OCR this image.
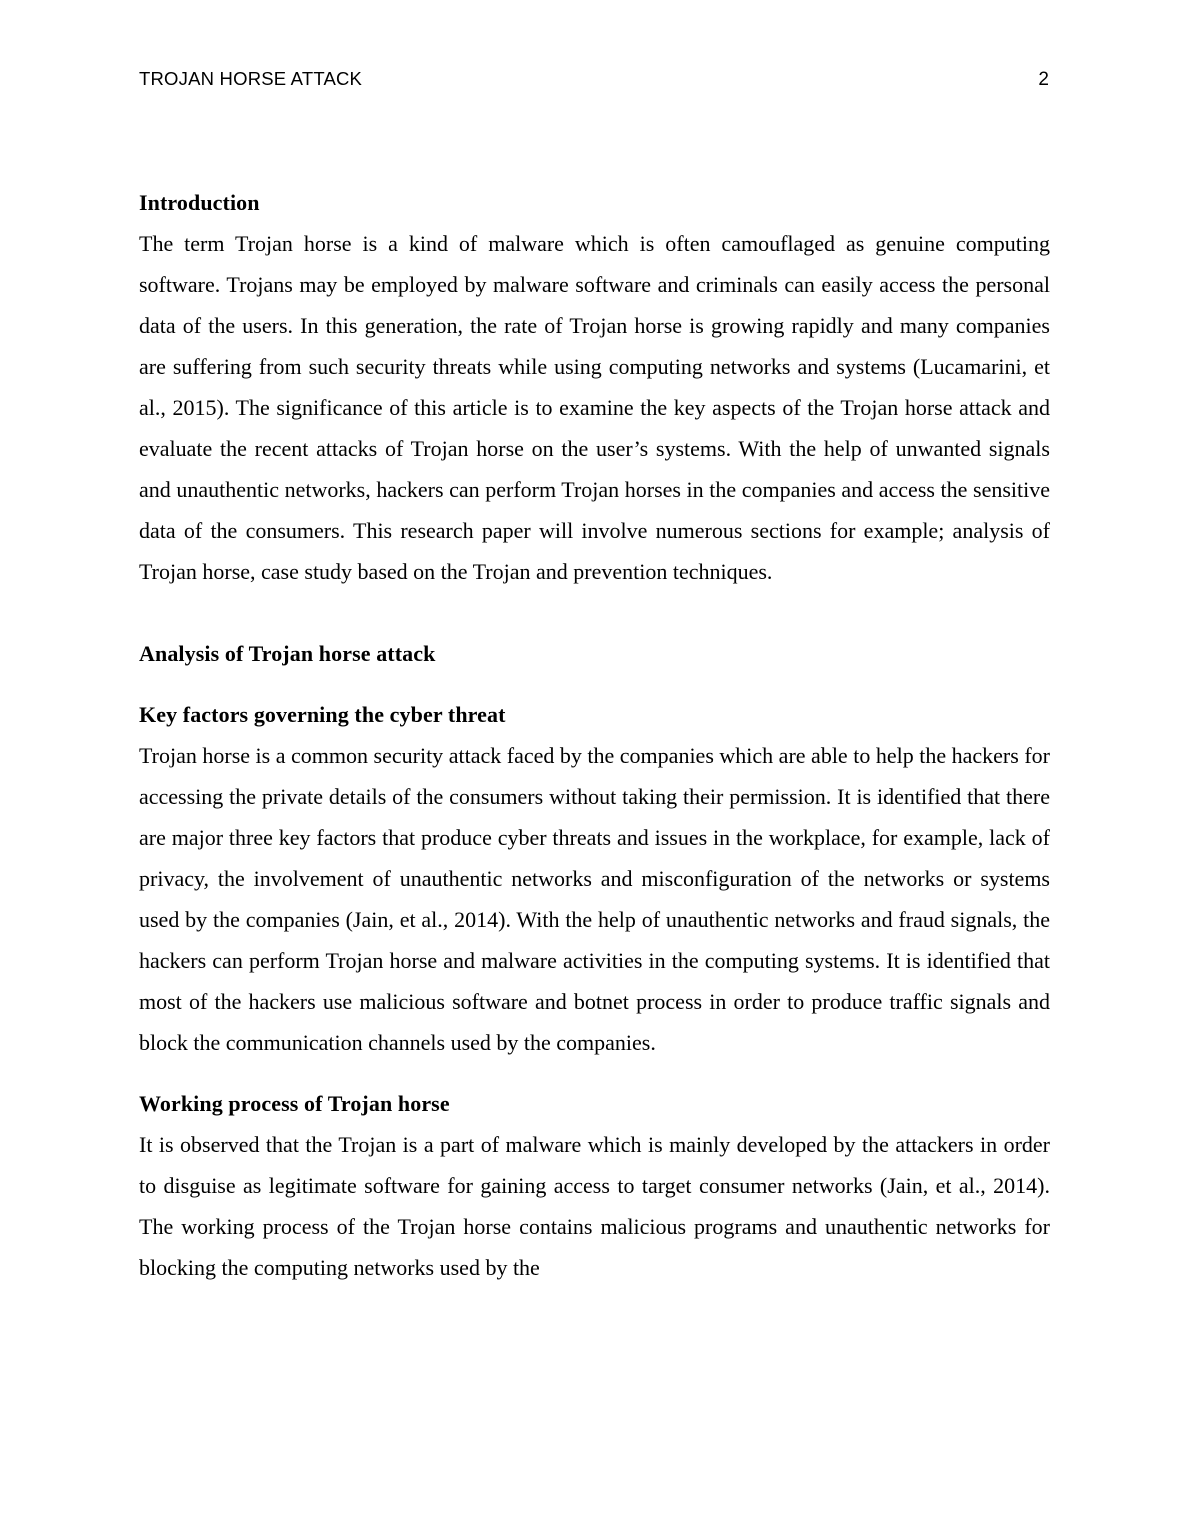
TROJAN HORSE ATTACK	2
Introduction

The term Trojan horse is a kind of malware which is often camouflaged as genuine computing software. Trojans may be employed by malware software and criminals can easily access the personal data of the users. In this generation, the rate of Trojan horse is growing rapidly and many companies are suffering from such security threats while using computing networks and systems (Lucamarini, et al., 2015). The significance of this article is to examine the key aspects of the Trojan horse attack and evaluate the recent attacks of Trojan horse on the user’s systems. With the help of unwanted signals and unauthentic networks, hackers can perform Trojan horses in the companies and access the sensitive data of the consumers. This research paper will involve numerous sections for example; analysis of Trojan horse, case study based on the Trojan and prevention techniques.

Analysis of Trojan horse attack
Key factors governing the cyber threat

Trojan horse is a common security attack faced by the companies which are able to help the hackers for accessing the private details of the consumers without taking their permission. It is identified that there are major three key factors that produce cyber threats and issues in the workplace, for example, lack of privacy, the involvement of unauthentic networks and misconfiguration of the networks or systems used by the companies (Jain, et al., 2014). With the help of unauthentic networks and fraud signals, the hackers can perform Trojan horse and malware activities in the computing systems. It is identified that most of the hackers use malicious software and botnet process in order to produce traffic signals and block the communication channels used by the companies.

Working process of Trojan horse

It is observed that the Trojan is a part of malware which is mainly developed by the attackers in order to disguise as legitimate software for gaining access to target consumer networks (Jain, et al., 2014). The working process of the Trojan horse contains malicious programs and unauthentic networks for blocking the computing networks used by the
